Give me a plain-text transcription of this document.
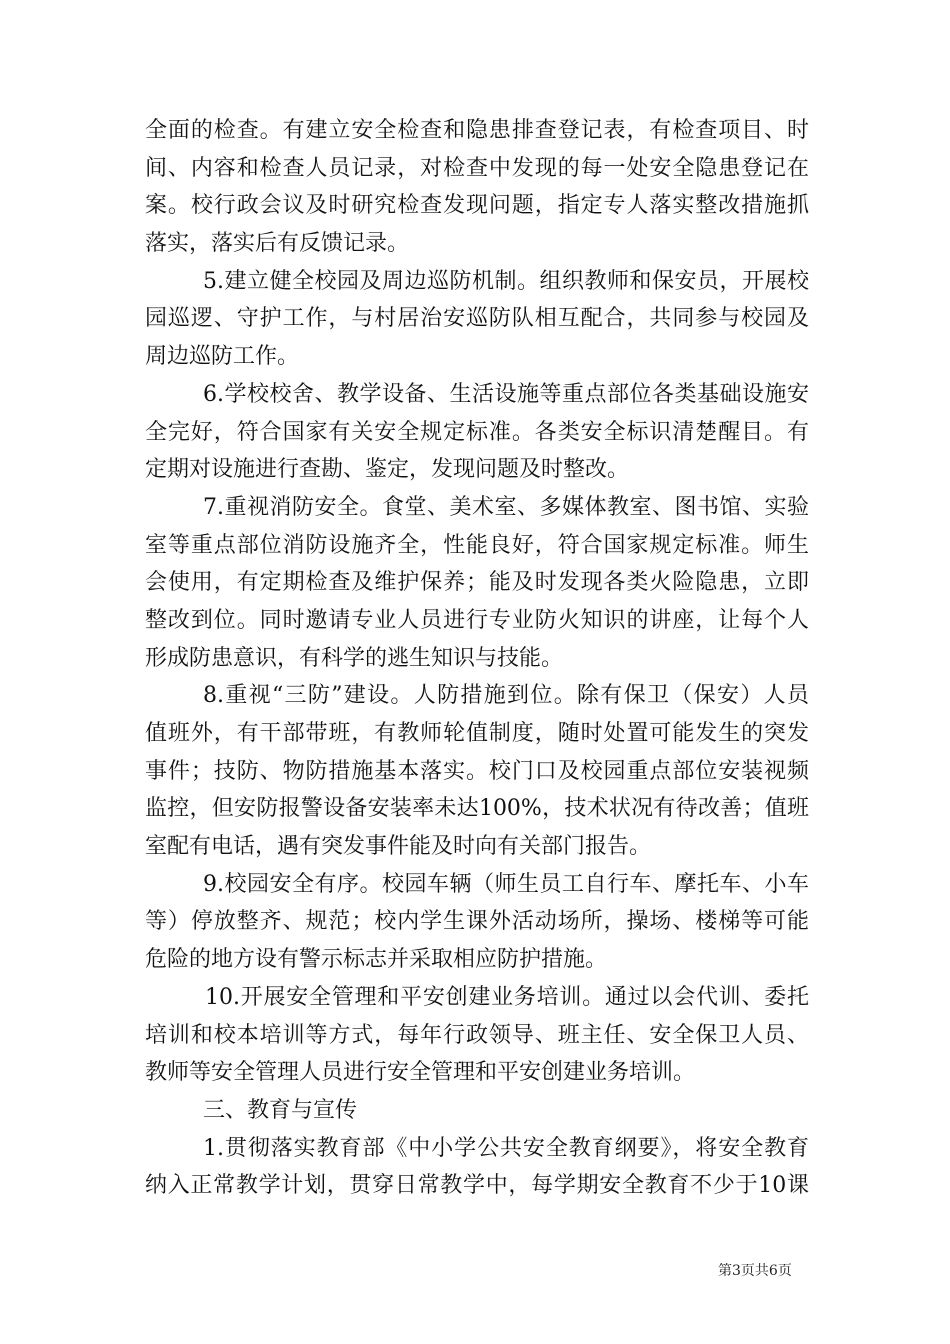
全面的检查。有建立安全检查和隐患排查登记表，有检查项目、时
间、内容和检查人员记录，对检查中发现的每一处安全隐患登记在
案。校行政会议及时研究检查发现问题，指定专人落实整改措施抓
落实，落实后有反馈记录。
5.建立健全校园及周边巡防机制。组织教师和保安员，开展校
园巡逻、守护工作，与村居治安巡防队相互配合，共同参与校园及
周边巡防工作。
6.学校校舍、教学设备、生活设施等重点部位各类基础设施安
全完好，符合国家有关安全规定标准。各类安全标识清楚醒目。有
定期对设施进行查勘、鉴定，发现问题及时整改。
7.重视消防安全。食堂、美术室、多媒体教室、图书馆、实验
室等重点部位消防设施齐全，性能良好，符合国家规定标准。师生
会使用，有定期检查及维护保养；能及时发现各类火险隐患，立即
整改到位。同时邀请专业人员进行专业防火知识的讲座，让每个人
形成防患意识，有科学的逃生知识与技能。
8.重视“三防”建设。人防措施到位。除有保卫（保安）人员
值班外，有干部带班，有教师轮值制度，随时处置可能发生的突发
事件；技防、物防措施基本落实。校门口及校园重点部位安装视频
监控，但安防报警设备安装率未达100%，技术状况有待改善；值班
室配有电话，遇有突发事件能及时向有关部门报告。
9.校园安全有序。校园车辆（师生员工自行车、摩托车、小车
等）停放整齐、规范；校内学生课外活动场所，操场、楼梯等可能
危险的地方设有警示标志并采取相应防护措施。
10.开展安全管理和平安创建业务培训。通过以会代训、委托
培训和校本培训等方式，每年行政领导、班主任、安全保卫人员、
教师等安全管理人员进行安全管理和平安创建业务培训。
三、教育与宣传
1.贯彻落实教育部《中小学公共安全教育纲要》，将安全教育
纳入正常教学计划，贯穿日常教学中，每学期安全教育不少于10课
第3页共6页
